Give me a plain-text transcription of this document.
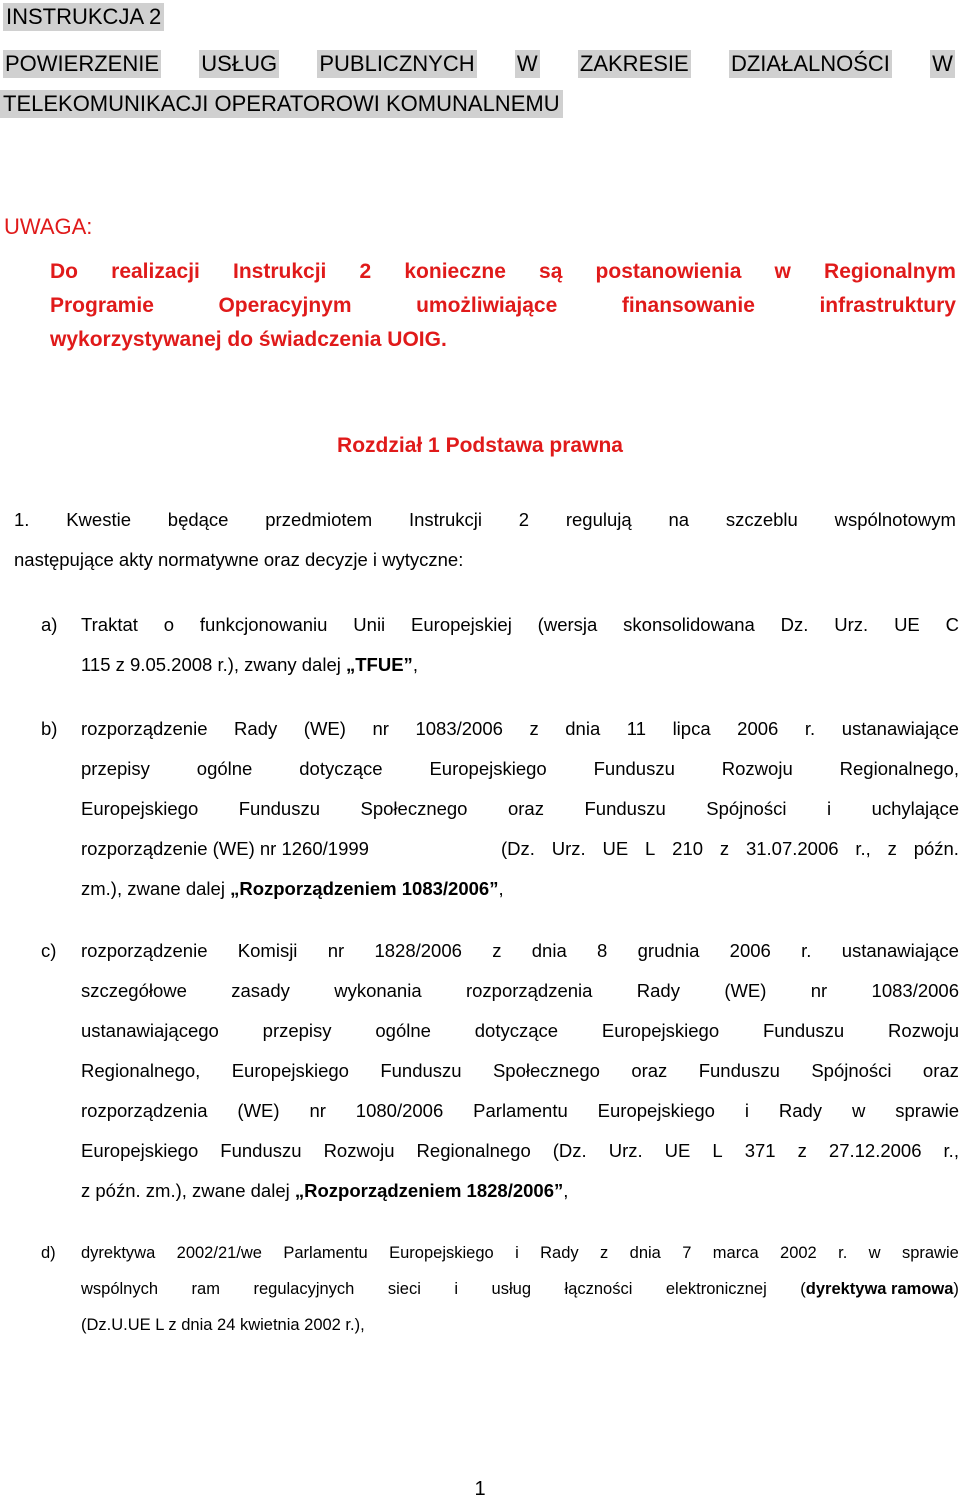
INSTRUKCJA 2
POWIERZENIE USŁUG PUBLICZNYCH W ZAKRESIE DZIAŁALNOŚCI W
TELEKOMUNIKACJI OPERATOROWI KOMUNALNEMU
UWAGA:
Do realizacji Instrukcji 2 konieczne są postanowienia w Regionalnym
Programie	Operacyjnym	umożliwiające	finansowanie	infrastruktury
wykorzystywanej do świadczenia UOIG.
Rozdział 1 Podstawa prawna
1. Kwestie będące przedmiotem Instrukcji 2 regulują na szczeblu wspólnotowym
następujące akty normatywne oraz decyzje i wytyczne:
a) Traktat o funkcjonowaniu Unii Europejskiej (wersja skonsolidowana Dz. Urz. UE C
115 z 9.05.2008 r.), zwany dalej „TFUE”,
b) rozporządzenie Rady (WE) nr 1083/2006 z dnia 11 lipca 2006 r. ustanawiające
przepisy	ogólne	dotyczące	Europejskiego	Funduszu	Rozwoju	Regionalnego,
Europejskiego Funduszu Społecznego oraz Funduszu Spójności i uchylające
rozporządzenie (WE) nr 1260/1999	(Dz. Urz. UE L 210 z 31.07.2006 r., z późn.
zm.), zwane dalej „Rozporządzeniem 1083/2006”,
c) rozporządzenie Komisji nr 1828/2006 z dnia 8 grudnia 2006 r. ustanawiające
szczegółowe zasady wykonania rozporządzenia Rady (WE) nr 1083/2006
ustanawiającego przepisy ogólne dotyczące Europejskiego Funduszu Rozwoju
Regionalnego, Europejskiego Funduszu Społecznego oraz Funduszu Spójności oraz
rozporządzenia (WE) nr 1080/2006 Parlamentu Europejskiego i Rady w sprawie
Europejskiego Funduszu Rozwoju Regionalnego (Dz. Urz. UE L 371 z 27.12.2006 r.,
z późn. zm.), zwane dalej „Rozporządzeniem 1828/2006”,
d) dyrektywa 2002/21/we Parlamentu Europejskiego i Rady z dnia 7 marca 2002 r. w sprawie
wspólnych ram regulacyjnych sieci i usług łączności elektronicznej (dyrektywa ramowa)
(Dz.U.UE L z dnia 24 kwietnia 2002 r.),
1
